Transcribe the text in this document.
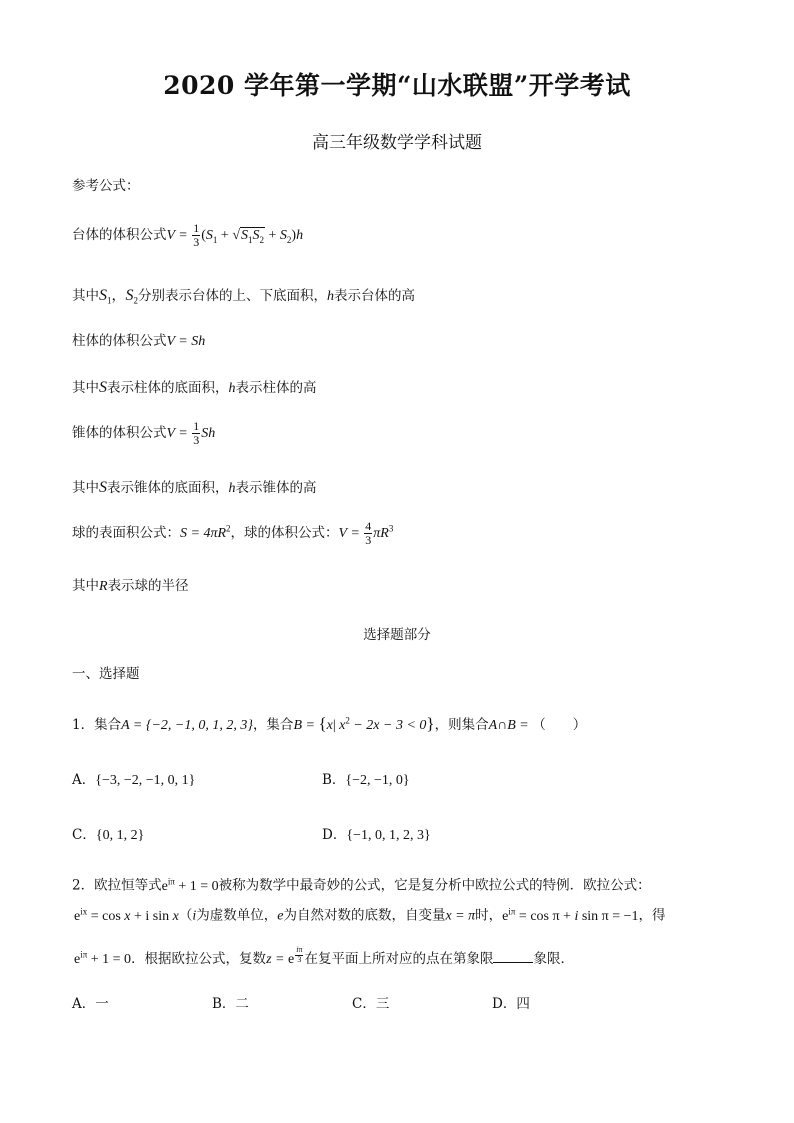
2020 学年第一学期“山水联盟”开学考试
高三年级数学学科试题
参考公式：
台体的体积公式$V = \frac{1}{3} (S_1 + √S_1S_2 + S_2)h$
其中$S_1$，$S_2$分别表示台体的上、下底面积，h表示台体的高
柱体的体积公式V = Sh
其中S表示柱体的底面积，h表示柱体的高
锥体的体积公式$V = \frac{1}{3}$ Sh
其中S表示锥体的底面积，h表示锥体的高
球的表面积公式：$S = 4\pi R^2$，球的体积公式：$V = \frac{4}{3} \pi R^3$
其中R表示球的半径
选择题部分
一、选择题
1．集合A = {−2, −1, 0, 1, 2, 3}，集合B = {x| $x^2 - 2x - 3 < 0$}，则集合A∩B = （　　）
A．{−3, −2, −1, 0, 1}	B．{−2, −1, 0}
C．{0, 1, 2}	D．{−1, 0, 1, 2, 3}
2．欧拉恒等式$e^{i\pi} + 1 = 0$被称为数学中最奇妙的公式，它是复分析中欧拉公式的特例．欧拉公式：
$e^{ix} = \cos x + i$ sin x（i为虚数单位，e为自然对数的底数，自变量x = π时，$e^{i\pi} = \cos \pi + i$ sin π = −1，得
$e^{i\pi} + 1 = 0$．根据欧拉公式，复数z = e $^{\frac{i\pi}{3}}$ 在复平面上所对应的点在第象限	象限．
A．一	B．二	C．三	D．四
